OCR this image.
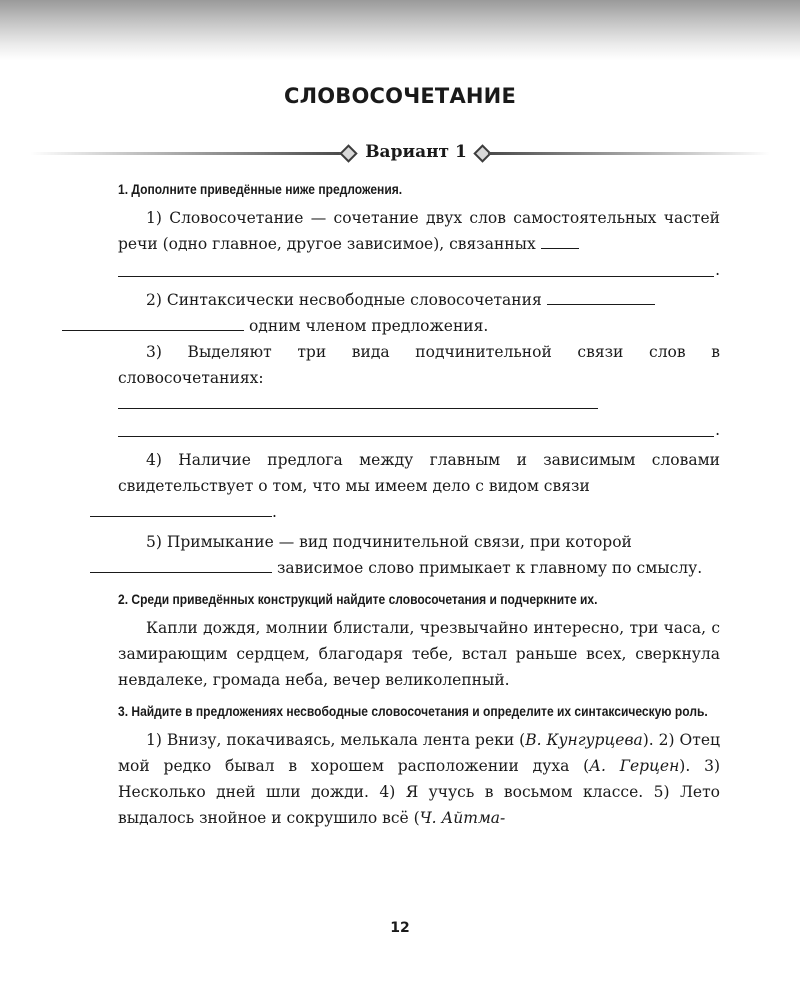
СЛОВОСОЧЕТАНИЕ
Вариант 1
1. Дополните приведённые ниже предложения.

1) Словосочетание — сочетание двух слов самостоятельных частей речи (одно главное, другое зависимое), связанных

.

2) Синтаксически несвободные словосочетания
одним членом предложения.

3) Выделяют три вида подчинительной связи слов в словосочетаниях:

.

4) Наличие предлога между главным и зависимым словами свидетельствует о том, что мы имеем дело с видом связи
.

5) Примыкание — вид подчинительной связи, при которой
зависимое слово примыкает к главному по смыслу.

2. Среди приведённых конструкций найдите словосочетания и подчеркните их.

Капли дождя, молнии блистали, чрезвычайно интересно, три часа, с замирающим сердцем, благодаря тебе, встал раньше всех, сверкнула невдалеке, громада неба, вечер великолепный.

3. Найдите в предложениях несвободные словосочетания и определите их синтаксическую роль.

1) Внизу, покачиваясь, мелькала лента реки (В. Кунгурцева). 2) Отец мой редко бывал в хорошем расположении духа (А. Герцен). 3) Несколько дней шли дожди. 4) Я учусь в восьмом классе. 5) Лето выдалось знойное и сокрушило всё (Ч. Айтма-

12
